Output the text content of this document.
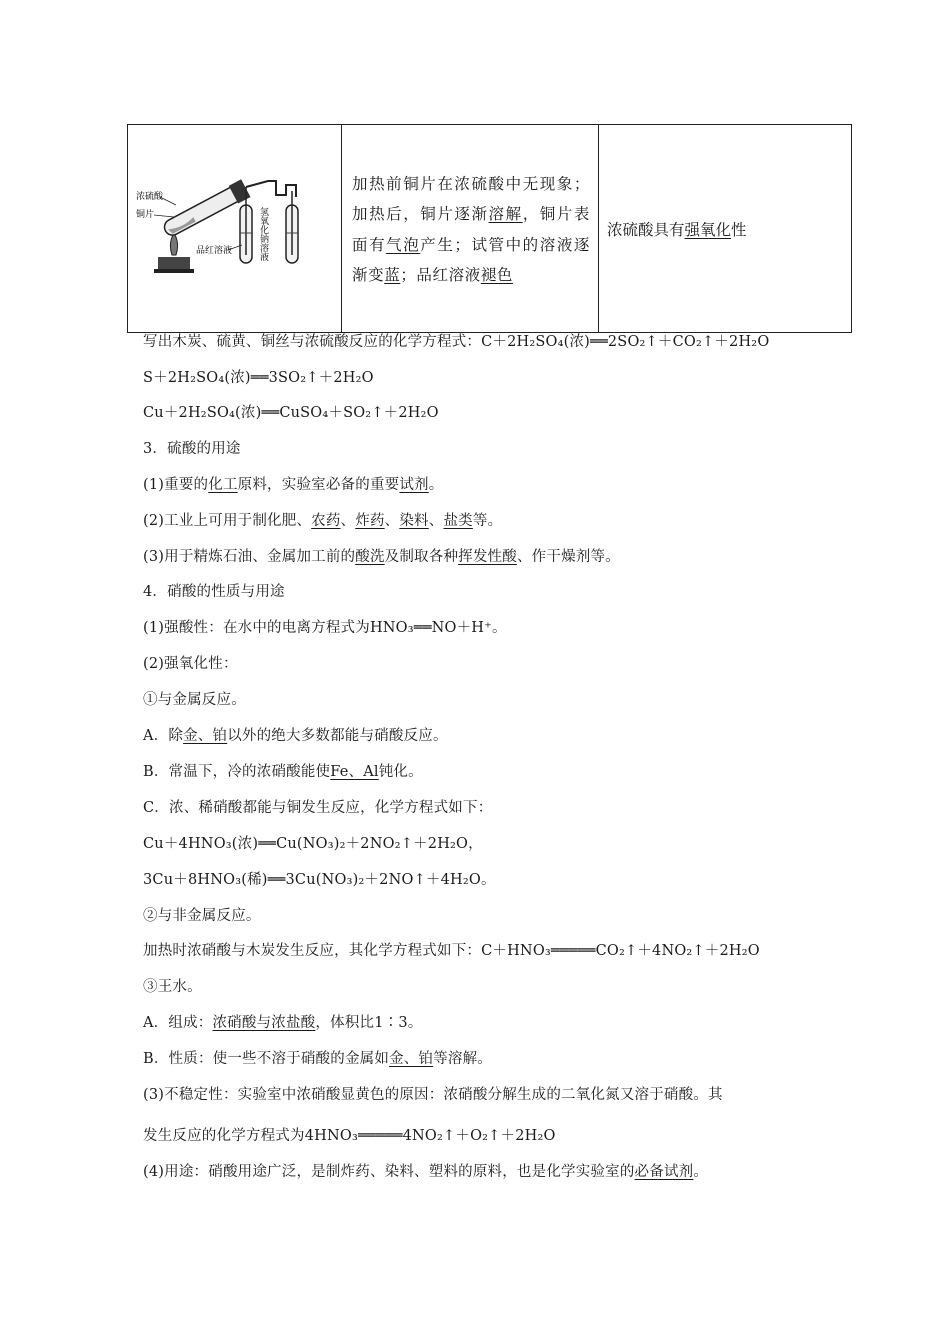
浓硫酸
铜片
品红溶液	氢氧化钠溶液
	加热前铜片在浓硫酸中无现象；加热后，铜片逐渐溶解，铜片表面有气泡产生；试管中的溶液逐渐变蓝；品红溶液褪色	浓硫酸具有强氧化性
写出木炭、硫黄、铜丝与浓硫酸反应的化学方程式：C＋2H₂SO₄(浓)══2SO₂↑＋CO₂↑＋2H₂O
S＋2H₂SO₄(浓)══3SO₂↑＋2H₂O
Cu＋2H₂SO₄(浓)══CuSO₄＋SO₂↑＋2H₂O
3．硫酸的用途
(1)重要的化工原料，实验室必备的重要试剂。
(2)工业上可用于制化肥、农药、炸药、染料、盐类等。
(3)用于精炼石油、金属加工前的酸洗及制取各种挥发性酸、作干燥剂等。
4．硝酸的性质与用途
(1)强酸性：在水中的电离方程式为HNO₃══NO＋H⁺。
(2)强氧化性：
①与金属反应。
A．除金、铂以外的绝大多数都能与硝酸反应。
B．常温下，冷的浓硝酸能使Fe、Al钝化。
C．浓、稀硝酸都能与铜发生反应，化学方程式如下：
Cu＋4HNO₃(浓)══Cu(NO₃)₂＋2NO₂↑＋2H₂O，
3Cu＋8HNO₃(稀)══3Cu(NO₃)₂＋2NO↑＋4H₂O。
②与非金属反应。
加热时浓硝酸与木炭发生反应，其化学方程式如下：C＋HNO₃═════CO₂↑＋4NO₂↑＋2H₂O
③王水。
A．组成：浓硝酸与浓盐酸，体积比1∶3。
B．性质：使一些不溶于硝酸的金属如金、铂等溶解。
(3)不稳定性：实验室中浓硝酸显黄色的原因：浓硝酸分解生成的二氧化氮又溶于硝酸。其
发生反应的化学方程式为4HNO₃═════4NO₂↑＋O₂↑＋2H₂O
(4)用途：硝酸用途广泛，是制炸药、染料、塑料的原料，也是化学实验室的必备试剂。
